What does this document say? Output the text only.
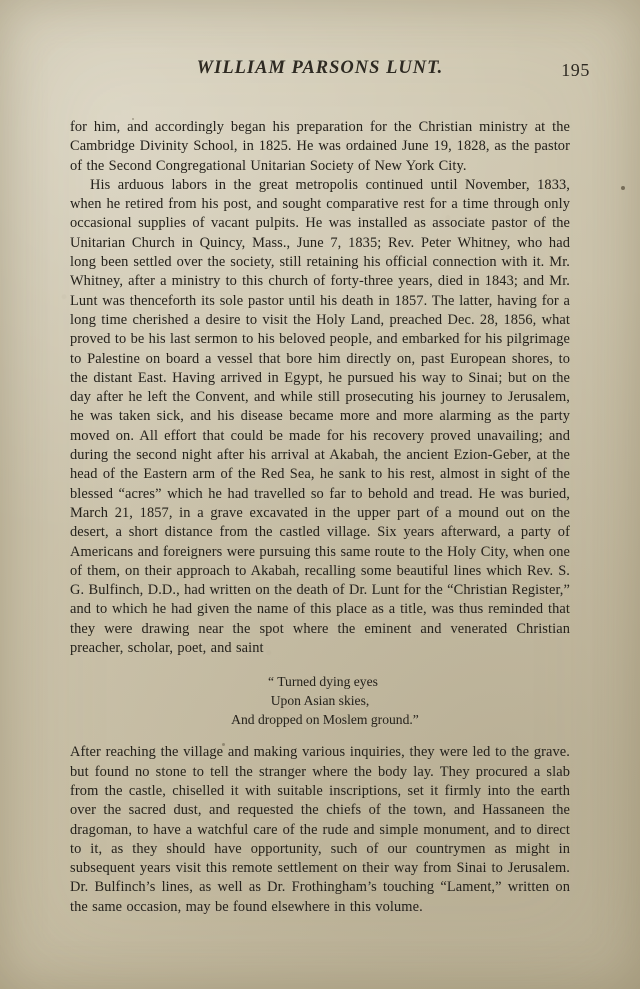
WILLIAM PARSONS LUNT.	195

for him, and accordingly began his preparation for the Christian ministry at the Cambridge Divinity School, in 1825. He was ordained June 19, 1828, as the pastor of the Second Congregational Unitarian Society of New York City.

His arduous labors in the great metropolis continued until November, 1833, when he retired from his post, and sought comparative rest for a time through only occasional supplies of vacant pulpits. He was installed as associate pastor of the Unitarian Church in Quincy, Mass., June 7, 1835; Rev. Peter Whitney, who had long been settled over the society, still retaining his official connection with it. Mr. Whitney, after a ministry to this church of forty-three years, died in 1843; and Mr. Lunt was thenceforth its sole pastor until his death in 1857. The latter, having for a long time cherished a desire to visit the Holy Land, preached Dec. 28, 1856, what proved to be his last sermon to his beloved people, and embarked for his pilgrimage to Palestine on board a vessel that bore him directly on, past European shores, to the distant East. Having arrived in Egypt, he pursued his way to Sinai; but on the day after he left the Convent, and while still prosecuting his journey to Jerusalem, he was taken sick, and his disease became more and more alarming as the party moved on. All effort that could be made for his recovery proved unavailing; and during the second night after his arrival at Akabah, the ancient Ezion-Geber, at the head of the Eastern arm of the Red Sea, he sank to his rest, almost in sight of the blessed “acres” which he had travelled so far to behold and tread. He was buried, March 21, 1857, in a grave excavated in the upper part of a mound out on the desert, a short distance from the castled village. Six years afterward, a party of Americans and foreigners were pursuing this same route to the Holy City, when one of them, on their approach to Akabah, recalling some beautiful lines which Rev. S. G. Bulfinch, D.D., had written on the death of Dr. Lunt for the “Christian Register,” and to which he had given the name of this place as a title, was thus reminded that they were drawing near the spot where the eminent and venerated Christian preacher, scholar, poet, and saint

“ Turned dying eyes
Upon Asian skies,
And dropped on Moslem ground.”

After reaching the village and making various inquiries, they were led to the grave. but found no stone to tell the stranger where the body lay. They procured a slab from the castle, chiselled it with suitable inscriptions, set it firmly into the earth over the sacred dust, and requested the chiefs of the town, and Hassaneen the dragoman, to have a watchful care of the rude and simple monument, and to direct to it, as they should have opportunity, such of our countrymen as might in subsequent years visit this remote settlement on their way from Sinai to Jerusalem. Dr. Bulfinch’s lines, as well as Dr. Frothingham’s touching “Lament,” written on the same occasion, may be found elsewhere in this volume.
